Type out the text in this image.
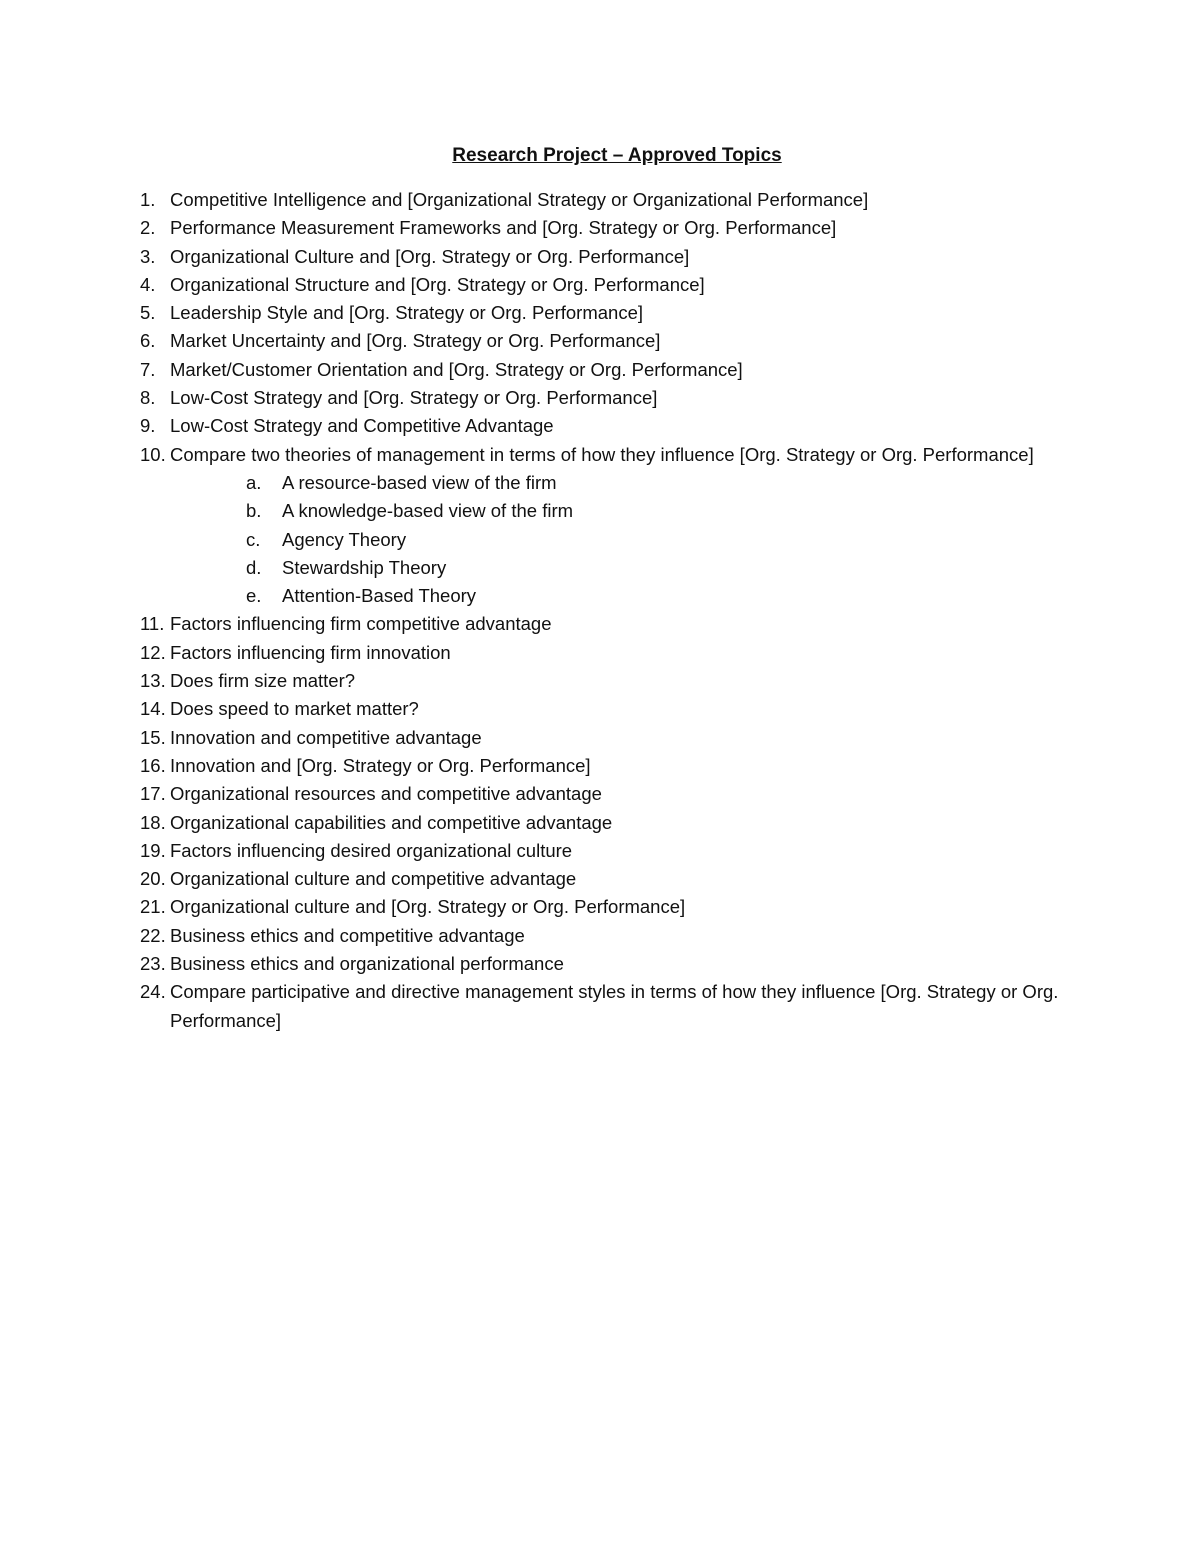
Research Project – Approved Topics
1. Competitive Intelligence and [Organizational Strategy or Organizational Performance]
2. Performance Measurement Frameworks and [Org. Strategy or Org. Performance]
3. Organizational Culture and [Org. Strategy or Org. Performance]
4. Organizational Structure and [Org. Strategy or Org. Performance]
5. Leadership Style and [Org. Strategy or Org. Performance]
6. Market Uncertainty and [Org. Strategy or Org. Performance]
7. Market/Customer Orientation and [Org. Strategy or Org. Performance]
8. Low-Cost Strategy and [Org. Strategy or Org. Performance]
9. Low-Cost Strategy and Competitive Advantage
10. Compare two theories of management in terms of how they influence [Org. Strategy or Org. Performance]
a. A resource-based view of the firm
b. A knowledge-based view of the firm
c. Agency Theory
d. Stewardship Theory
e. Attention-Based Theory
11. Factors influencing firm competitive advantage
12. Factors influencing firm innovation
13. Does firm size matter?
14. Does speed to market matter?
15. Innovation and competitive advantage
16. Innovation and [Org. Strategy or Org. Performance]
17. Organizational resources and competitive advantage
18. Organizational capabilities and competitive advantage
19. Factors influencing desired organizational culture
20. Organizational culture and competitive advantage
21. Organizational culture and [Org. Strategy or Org. Performance]
22. Business ethics and competitive advantage
23. Business ethics and organizational performance
24. Compare participative and directive management styles in terms of how they influence [Org. Strategy or Org. Performance]
